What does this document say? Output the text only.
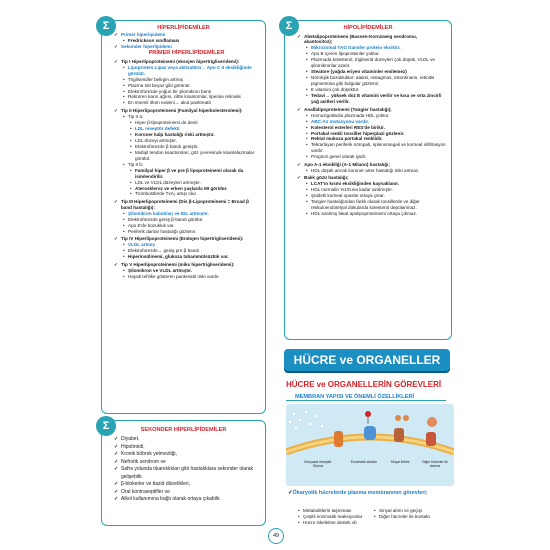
Σ	HİPERLİPİDEMİLER
✓ Primer hiperlipidemi
• Fredrickson sınıflaması
✓ Sekonder hiperlipidemi
PRİMER HİPERLİPİDEMİLER
✓ Tip I Hiperlipoproteinemi (eksojen hipertrigliseridemi):
• Lipoprotein Lipaz veya aktivatörü→ Apo C II eksikliğinde görülür.
• Trigliseridler belirgin artmış
• Plazma süt beyaz gibi görünür.
• Elektroforezde yoğun bir şilomikron bantı
• Rekürren karın ağrısı, ciltte ksantomlar, lipemia retinalis
• En önemli ölüm nedeni→ akut pankreatit
✓ Tip II Hiperlipoproteinemi (Familyal hiperkolesterolemi):
• Tip II a;
• Hiper β-lipoproteinemi de denir.
• LDL reseptör defekti
• Koroner kalp hastalığı riski artmıştır.
• LDL düzeyi artmıştır.
• Elektroforezde β bandı geniştir.
• Multipl tendon ksantomları, göz çevresinde ksantelazmalar görülür.
• Tip II b;
• Familyal hiper β ve pre β lipoproteinemi olarak da isimlendirilir.
• LDL ve VLDL düzeyleri artmıştır.
• Ateroskleroz ve erken yaşlarda MI görülür.
• Trombostlerde TxA₂ artışı olur.
✓ Tip III Hiperlipoproteinemi (Dis β-Lipoproteinemi = Broad β band hastalığı):
• Şilomikron kalıntıları ve IDL artmıştır.
• Elektroforezde geniş β-bandı görülür.
• Apo E'de bozukluk var.
• Periferik damar hastalığı gözlenir.
✓ Tip IV Hiperlipoproteinemi (Endojen hipertrigliseridemi):
• VLDL artmış
• Elektroforezde→ geniş pre β bandı
• Hiperinsülinemi, glukoza tahammülsüzlük var.
✓ Tip V Hiperlipoproteinemi (miks hipertrigliseridemi):
• Şilomikron ve VLDL artmıştır.
• Hayati tehlike gösteren pankreatit riski vardır.
Σ	SEKONDER HİPERLİPİDEMİLER
✓ Diyabet,
✓ Hipotiroidi,
✓ Kronik böbrek yetmezliği,
✓ Nefrotik sendrom ve
✓ Safra yolunda tıkanıklıkları gibi hastalıklara sekonder olarak gelişebilir.
✓ β-blokerler ve tiazid diüretikleri,
✓ Oral kontraseptifler ve
✓ Alkol kullanımına bağlı olarak ortaya çıkabilir.
Σ	HİPOLİPİDEMİLER
✓ Abetalipoproteinemi (Bassen-Kornzweig sendromu, akantositoz);
• Mikrozomal TAG transfer protein eksiktir.
• Apo B içeren lipoproteinler yoktur.
• Plazmada kolesterol, trigliserid düzeyleri çok düşük, VLDL ve şilomikronlar azalır.
• Steatore (yağda eriyen vitaminler emilemez)
• Nörolojik bozukluklar: ataksi, nistagmus, inkontinans, retinitis pigmentosa gibi bulgular gözlenir.
• E vitamini çok düşüktür.
• Tedavi→ yüksek doz E vitamini verilir ve kısa ve orta zincirli yağ asitleri verilir.
✓ Analfalipoproteinemi (Tangier hastalığı);
• Homozigotlarda plazmada HDL yoktur.
• ABC-A1 mutasyonu vardır.
• Kolesterol esterleri RES'de birikir.
• Portakal renkli tonsiller hiperplazi gözlenir.
• Rektal mukoza portakal renklidir.
• Tekrarlayan periferik nöropati, splenomegali ve korneal infiltrasyon vardır.
• Prognoz genel olarak iyidir.
✓ Apo A-1 eksikliği (A-1 Milano) hastalığı;
• HDL düşük ancak koroner arter hastalığı riski artmaz.
✓ Balık gözü hastalığı;
• LCAT'ın kısmi eksikliğinden kaynaklanır.
• HDL normalin %10'una kadar azalmıştır.
• Şiddetli korneal opasite ortaya çıkar.
• Tangier hastalığından farklı olarak tonsillerde ve diğer retikuloendotelyal dokularda kolesterol depolanmaz.
• HDL azalmış fakat apolipoproteinemi ortaya çıkmaz.
HÜCRE ve ORGANELLER
HÜCRE ve ORGANELLERİN GÖREVLERİ
MEMBRAN YAPISI VE ÖNEMLİ ÖZELLİKLERİ
Kimyasal reseptör Glukoz
Enzimatik aktivite	Sinyal iletimi	Diğer hücreler ile tanıma
✓Ökaryotik hücrelerde plazma membranının görevleri;
• Metabolitlerin taşınması
• Çeşitli enzimatik reaksiyonlar
• Hücre iskeletine destek vb
• Sinyal alımı ve geçişi
• Diğer hücreler ile kontakt
49
